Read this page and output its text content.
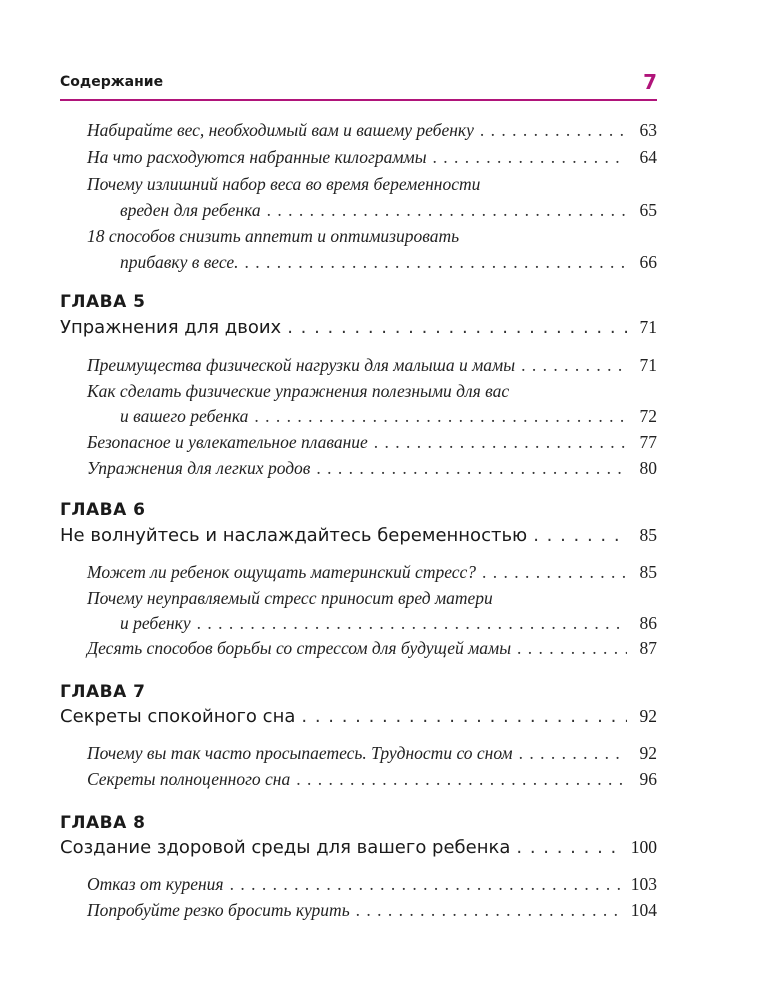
Содержание	7
Набирайте вес, необходимый вам и вашему ребенку . . .	63
На что расходуются набранные килограммы . . .	64
Почему излишний набор веса во время беременности
вреден для ребенка . . .	65
18 способов снизить аппетит и оптимизировать
прибавку в весе. . . .	66
ГЛАВА 5
Упражнения для двоих . . .	71
Преимущества физической нагрузки для малыша и мамы . . .	71
Как сделать физические упражнения полезными для вас
и вашего ребенка . . .	72
Безопасное и увлекательное плавание . . .	77
Упражнения для легких родов . . .	80
ГЛАВА 6
Не волнуйтесь и наслаждайтесь беременностью . . .	85
Может ли ребенок ощущать материнский стресс? . . .	85
Почему неуправляемый стресс приносит вред матери
и ребенку . . .	86
Десять способов борьбы со стрессом для будущей мамы . . .	87
ГЛАВА 7
Секреты спокойного сна . . .	92
Почему вы так часто просыпаетесь. Трудности со сном . . .	92
Секреты полноценного сна . . .	96
ГЛАВА 8
Создание здоровой среды для вашего ребенка . . .	100
Отказ от курения . . .	103
Попробуйте резко бросить курить . . .	104
